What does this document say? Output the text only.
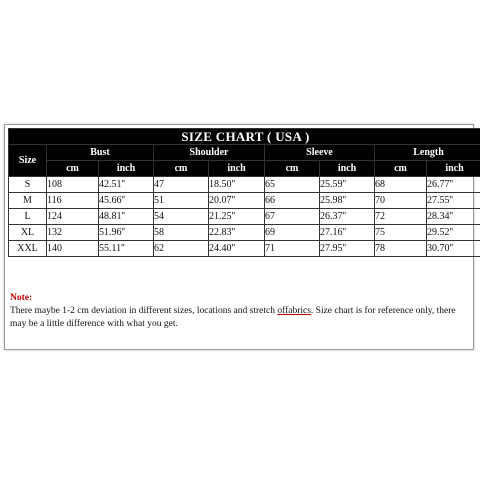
SIZE CHART ( USA )								
Size	Bust		Shoulder		Sleeve		Length	
	cm	inch	cm	inch	cm	inch	cm	inch
S	108	42.51''	47	18.50''	65	25.59''	68	26.77''
M	116	45.66''	51	20.07''	66	25.98''	70	27.55''
L	124	48.81''	54	21.25''	67	26.37''	72	28.34''
XL	132	51.96''	58	22.83''	69	27.16''	75	29.52''
XXL	140	55.11''	62	24.40''	71	27.95''	78	30.70''
Note:
There maybe 1-2 cm deviation in different sizes, locations and stretch offabrics. Size chart is for reference only, there may be a little difference with what you get.
